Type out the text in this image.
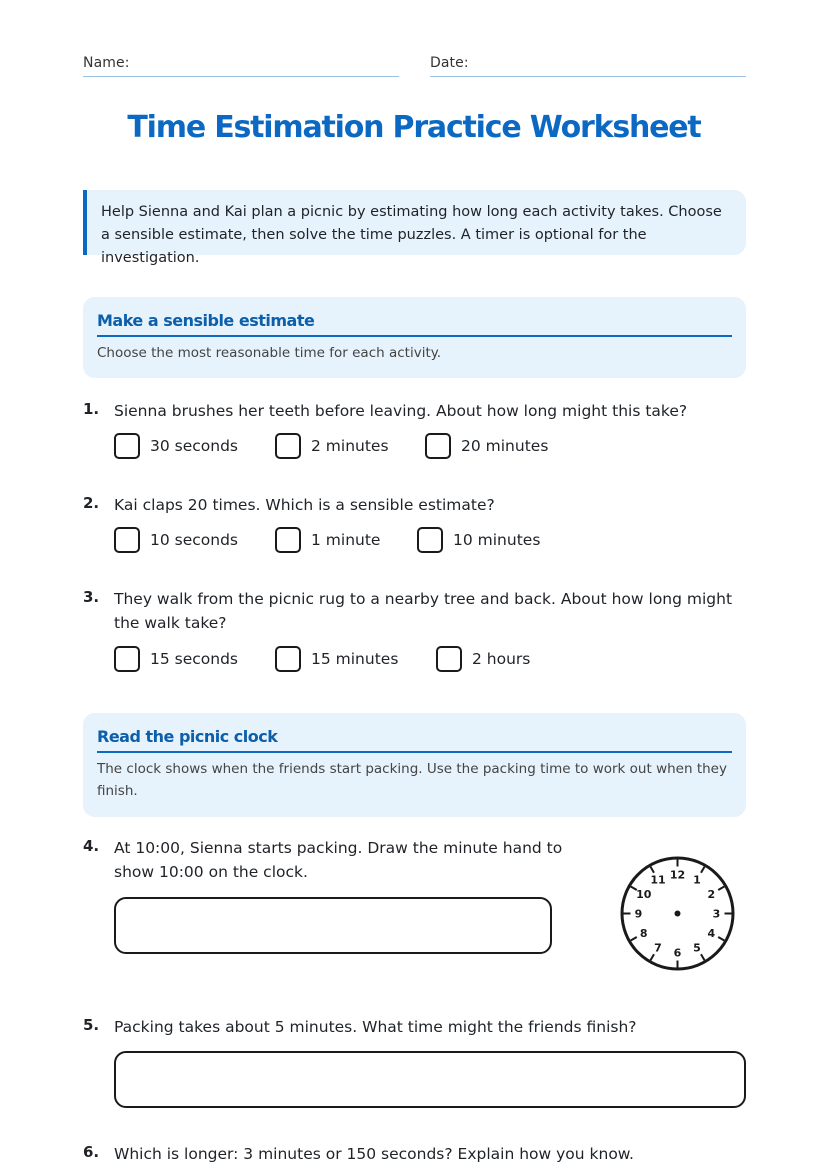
Name:	Date:
Time Estimation Practice Worksheet
Help Sienna and Kai plan a picnic by estimating how long each activity takes. Choose a sensible estimate, then solve the time puzzles. A timer is optional for the investigation.
Make a sensible estimate
Choose the most reasonable time for each activity.
1. Sienna brushes her teeth before leaving. About how long might this take?
30 seconds	2 minutes	20 minutes
2. Kai claps 20 times. Which is a sensible estimate?
10 seconds	1 minute	10 minutes
3. They walk from the picnic rug to a nearby tree and back. About how long might the walk take?
15 seconds	15 minutes	2 hours
Read the picnic clock
The clock shows when the friends start packing. Use the packing time to work out when they finish.
4. At 10:00, Sienna starts packing. Draw the minute hand to show 10:00 on the clock.	12 1
2
3
4
5
6
7
8
9
10
11
5. Packing takes about 5 minutes. What time might the friends finish?
6. Which is longer: 3 minutes or 150 seconds? Explain how you know.
